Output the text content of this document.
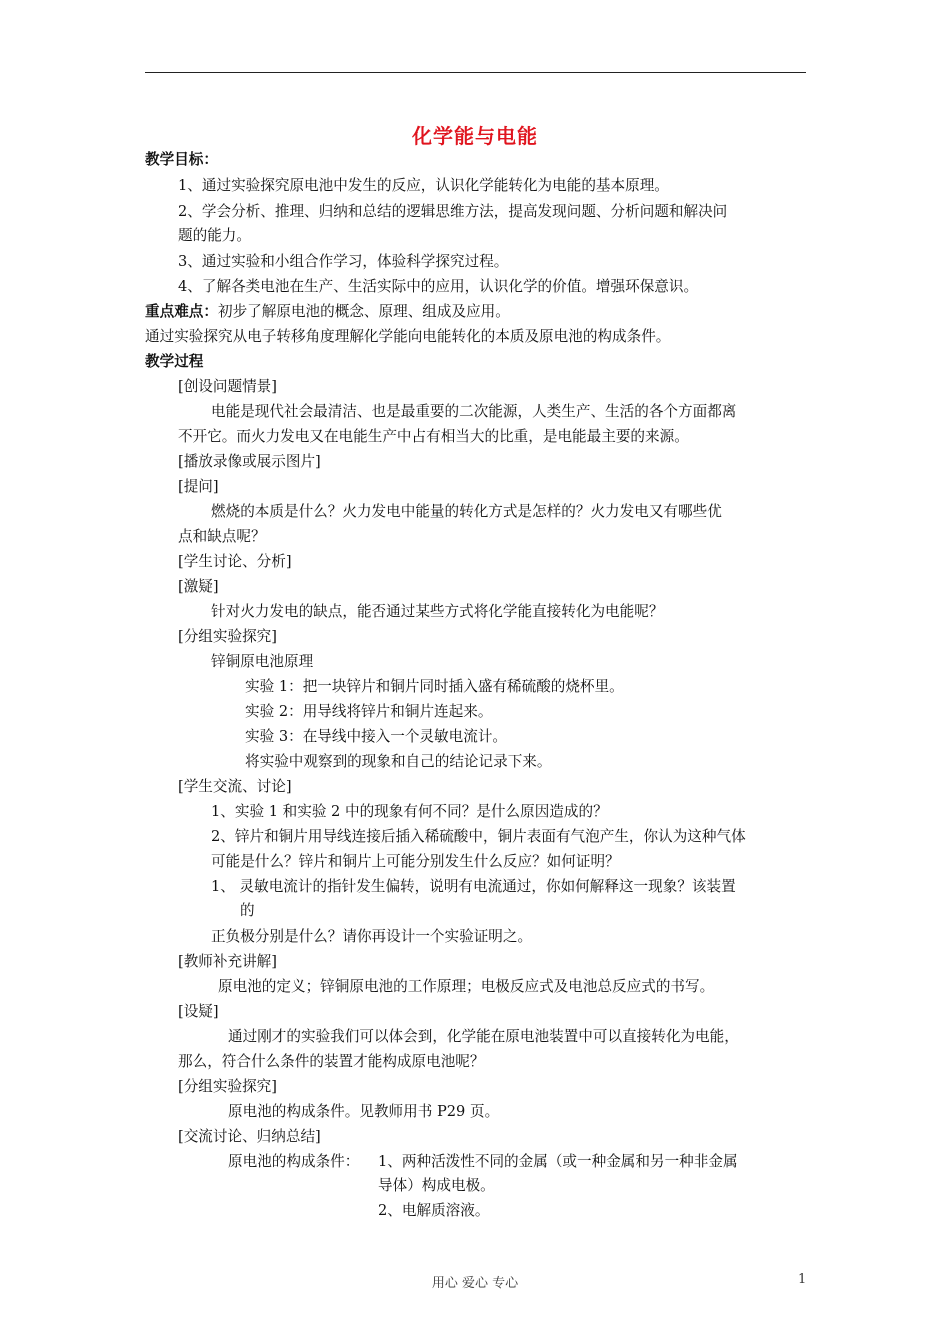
化学能与电能
教学目标：
1、通过实验探究原电池中发生的反应，认识化学能转化为电能的基本原理。
2、学会分析、推理、归纳和总结的逻辑思维方法，提高发现问题、分析问题和解决问
题的能力。
3、通过实验和小组合作学习，体验科学探究过程。
4、了解各类电池在生产、生活实际中的应用，认识化学的价值。增强环保意识。
重点难点：初步了解原电池的概念、原理、组成及应用。
通过实验探究从电子转移角度理解化学能向电能转化的本质及原电池的构成条件。
教学过程
[创设问题情景]
电能是现代社会最清洁、也是最重要的二次能源，人类生产、生活的各个方面都离
不开它。而火力发电又在电能生产中占有相当大的比重，是电能最主要的来源。
[播放录像或展示图片]
[提问]
燃烧的本质是什么？火力发电中能量的转化方式是怎样的？火力发电又有哪些优
点和缺点呢？
[学生讨论、分析]
[激疑]
针对火力发电的缺点，能否通过某些方式将化学能直接转化为电能呢？
[分组实验探究]
锌铜原电池原理
实验 1：把一块锌片和铜片同时插入盛有稀硫酸的烧杯里。
实验 2：用导线将锌片和铜片连起来。
实验 3：在导线中接入一个灵敏电流计。
将实验中观察到的现象和自己的结论记录下来。
[学生交流、讨论]
1、实验 1 和实验 2 中的现象有何不同？是什么原因造成的？
2、锌片和铜片用导线连接后插入稀硫酸中，铜片表面有气泡产生，你认为这种气体
可能是什么？锌片和铜片上可能分别发生什么反应？如何证明？
1、 灵敏电流计的指针发生偏转，说明有电流通过，你如何解释这一现象？该装置
的
正负极分别是什么？请你再设计一个实验证明之。
[教师补充讲解]
原电池的定义；锌铜原电池的工作原理；电极反应式及电池总反应式的书写。
[设疑]
通过刚才的实验我们可以体会到，化学能在原电池装置中可以直接转化为电能，
那么，符合什么条件的装置才能构成原电池呢？
[分组实验探究]
原电池的构成条件。见教师用书 P29 页。
[交流讨论、归纳总结]
原电池的构成条件： 1、两种活泼性不同的金属（或一种金属和另一种非金属
导体）构成电极。
2、电解质溶液。
用心 爱心 专心	1
